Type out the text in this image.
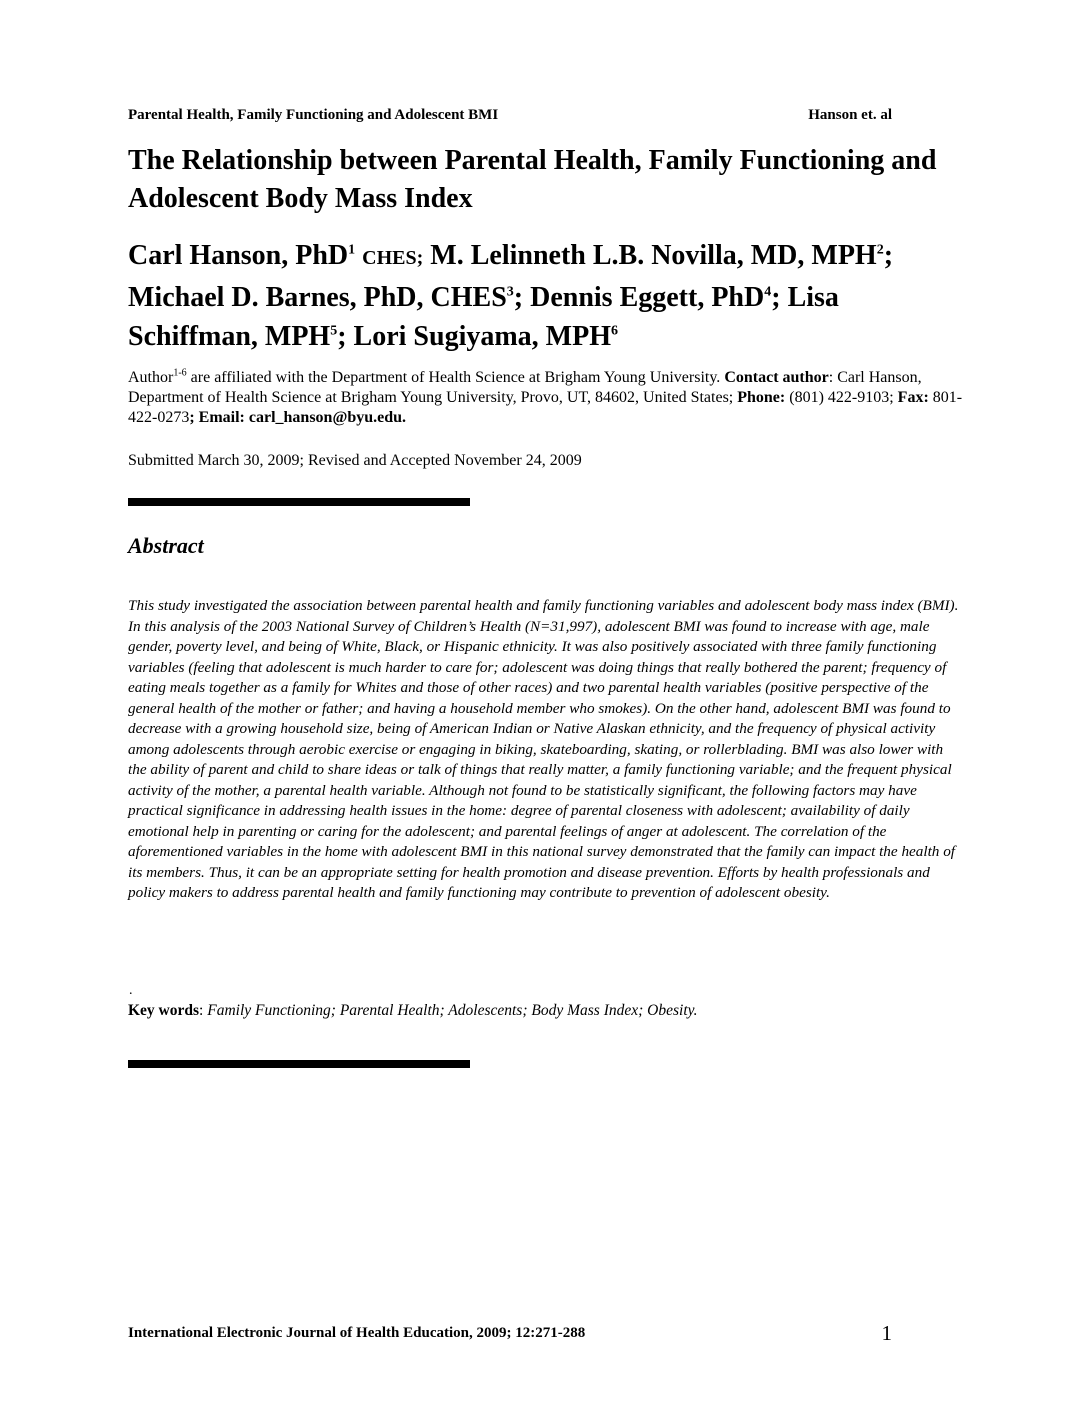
Parental Health, Family Functioning and Adolescent BMI	Hanson et. al
The Relationship between Parental Health, Family Functioning and Adolescent Body Mass Index
Carl Hanson, PhD$^1$ CHES; M. Lelinneth L.B. Novilla, MD, MPH$^2$;
Michael D. Barnes, PhD, CHES$^3$; Dennis Eggett, PhD$^4$; Lisa Schiffman, MPH$^5$; Lori Sugiyama, MPH$^6$

Author$^{1-6}$ are affiliated with the Department of Health Science at Brigham Young University. Contact author: Carl Hanson, Department of Health Science at Brigham Young University, Provo, UT, 84602, United States; Phone: (801) 422-9103; Fax: 801-422-0273; Email: carl_hanson@byu.edu.

Submitted March 30, 2009; Revised and Accepted November 24, 2009
Abstract

This study investigated the association between parental health and family functioning variables and adolescent body mass index (BMI). In this analysis of the 2003 National Survey of Children’s Health (N=31,997), adolescent BMI was found to increase with age, male gender, poverty level, and being of White, Black, or Hispanic ethnicity. It was also positively associated with three family functioning variables (feeling that adolescent is much harder to care for; adolescent was doing things that really bothered the parent; frequency of eating meals together as a family for Whites and those of other races) and two parental health variables (positive perspective of the general health of the mother or father; and having a household member who smokes). On the other hand, adolescent BMI was found to decrease with a growing household size, being of American Indian or Native Alaskan ethnicity, and the frequency of physical activity among adolescents through aerobic exercise or engaging in biking, skateboarding, skating, or rollerblading. BMI was also lower with the ability of parent and child to share ideas or talk of things that really matter, a family functioning variable; and the frequent physical activity of the mother, a parental health variable. Although not found to be statistically significant, the following factors may have practical significance in addressing health issues in the home: degree of parental closeness with adolescent; availability of daily emotional help in parenting or caring for the adolescent; and parental feelings of anger at adolescent. The correlation of the aforementioned variables in the home with adolescent BMI in this national survey demonstrated that the family can impact the health of its members. Thus, it can be an appropriate setting for health promotion and disease prevention. Efforts by health professionals and policy makers to address parental health and family functioning may contribute to prevention of adolescent obesity.

.
Key words: Family Functioning; Parental Health; Adolescents; Body Mass Index; Obesity.
International Electronic Journal of Health Education, 2009; 12:271-288	1
